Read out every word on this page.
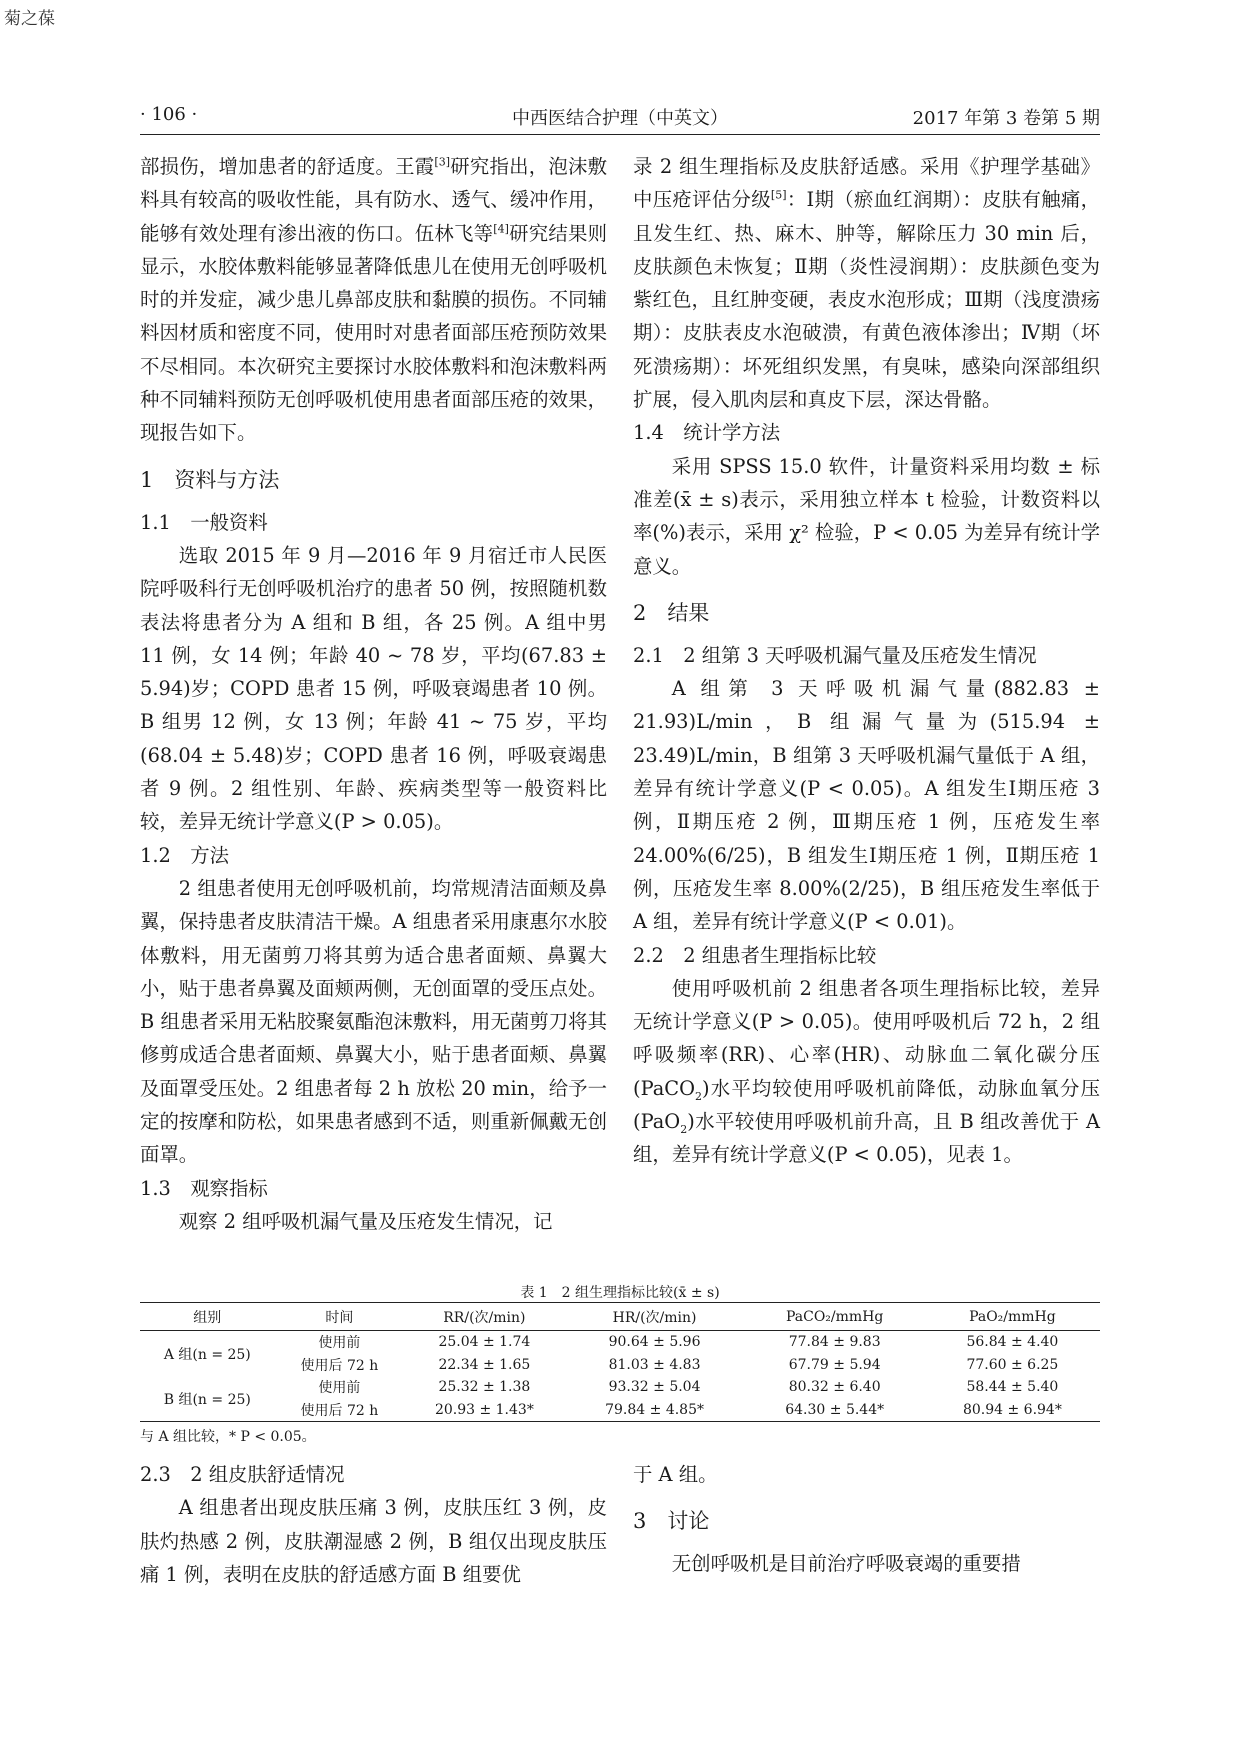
菊之葆
· 106 ·	中西医结合护理（中英文）	2017 年第 3 卷第 5 期

部损伤，增加患者的舒适度。王霞[3]研究指出，泡沫敷料具有较高的吸收性能，具有防水、透气、缓冲作用，能够有效处理有渗出液的伤口。伍林飞等[4]研究结果则显示，水胶体敷料能够显著降低患儿在使用无创呼吸机时的并发症，减少患儿鼻部皮肤和黏膜的损伤。不同辅料因材质和密度不同，使用时对患者面部压疮预防效果不尽相同。本次研究主要探讨水胶体敷料和泡沫敷料两种不同辅料预防无创呼吸机使用患者面部压疮的效果，现报告如下。

1　资料与方法
1.1　一般资料

选取 2015 年 9 月—2016 年 9 月宿迁市人民医院呼吸科行无创呼吸机治疗的患者 50 例，按照随机数表法将患者分为 A 组和 B 组，各 25 例。A 组中男 11 例，女 14 例；年龄 40 ~ 78 岁，平均(67.83 ± 5.94)岁；COPD 患者 15 例，呼吸衰竭患者 10 例。B 组男 12 例，女 13 例；年龄 41 ~ 75 岁，平均(68.04 ± 5.48)岁；COPD 患者 16 例，呼吸衰竭患者 9 例。2 组性别、年龄、疾病类型等一般资料比较，差异无统计学意义(P > 0.05)。

1.2　方法

2 组患者使用无创呼吸机前，均常规清洁面颊及鼻翼，保持患者皮肤清洁干燥。A 组患者采用康惠尔水胶体敷料，用无菌剪刀将其剪为适合患者面颊、鼻翼大小，贴于患者鼻翼及面颊两侧，无创面罩的受压点处。B 组患者采用无粘胶聚氨酯泡沫敷料，用无菌剪刀将其修剪成适合患者面颊、鼻翼大小，贴于患者面颊、鼻翼及面罩受压处。2 组患者每 2 h 放松 20 min，给予一定的按摩和防松，如果患者感到不适，则重新佩戴无创面罩。

1.3　观察指标

观察 2 组呼吸机漏气量及压疮发生情况，记

录 2 组生理指标及皮肤舒适感。采用《护理学基础》中压疮评估分级[5]：Ⅰ期（瘀血红润期）：皮肤有触痛，且发生红、热、麻木、肿等，解除压力 30 min 后，皮肤颜色未恢复；Ⅱ期（炎性浸润期）：皮肤颜色变为紫红色，且红肿变硬，表皮水泡形成；Ⅲ期（浅度溃疡期）：皮肤表皮水泡破溃，有黄色液体渗出；Ⅳ期（坏死溃疡期）：坏死组织发黑，有臭味，感染向深部组织扩展，侵入肌肉层和真皮下层，深达骨骼。

1.4　统计学方法

采用 SPSS 15.0 软件，计量资料采用均数 ± 标准差(x̄ ± s)表示，采用独立样本 t 检验，计数资料以率(%)表示，采用 χ² 检验，P < 0.05 为差异有统计学意义。

2　结果
2.1　2 组第 3 天呼吸机漏气量及压疮发生情况

A 组第 3 天呼吸机漏气量(882.83 ± 21.93)L/min，B 组漏气量为(515.94 ± 23.49)L/min，B 组第 3 天呼吸机漏气量低于 A 组，差异有统计学意义(P < 0.05)。A 组发生Ⅰ期压疮 3 例，Ⅱ期压疮 2 例，Ⅲ期压疮 1 例，压疮发生率 24.00%(6/25)，B 组发生Ⅰ期压疮 1 例，Ⅱ期压疮 1 例，压疮发生率 8.00%(2/25)，B 组压疮发生率低于 A 组，差异有统计学意义(P < 0.01)。

2.2　2 组患者生理指标比较

使用呼吸机前 2 组患者各项生理指标比较，差异无统计学意义(P > 0.05)。使用呼吸机后 72 h，2 组呼吸频率(RR)、心率(HR)、动脉血二氧化碳分压(PaCO$_2$)水平均较使用呼吸机前降低，动脉血氧分压(PaO$_2$)水平较使用呼吸机前升高，且 B 组改善优于 A 组，差异有统计学意义(P < 0.05)，见表 1。

表 1　2 组生理指标比较(x̄ ± s)
组别	时间	RR/(次/min)	HR/(次/min)	PaCO₂/mmHg	PaO₂/mmHg
A 组(n = 25)	使用前	25.04 ± 1.74	90.64 ± 5.96	77.84 ± 9.83	56.84 ± 4.40
	使用后 72 h	22.34 ± 1.65	81.03 ± 4.83	67.79 ± 5.94	77.60 ± 6.25
B 组(n = 25)	使用前	25.32 ± 1.38	93.32 ± 5.04	80.32 ± 6.40	58.44 ± 5.40
	使用后 72 h	20.93 ± 1.43*	79.84 ± 4.85*	64.30 ± 5.44*	80.94 ± 6.94*
与 A 组比较，* P < 0.05。
2.3　2 组皮肤舒适情况

A 组患者出现皮肤压痛 3 例，皮肤压红 3 例，皮肤灼热感 2 例，皮肤潮湿感 2 例，B 组仅出现皮肤压痛 1 例，表明在皮肤的舒适感方面 B 组要优

于 A 组。

3　讨论

无创呼吸机是目前治疗呼吸衰竭的重要措
